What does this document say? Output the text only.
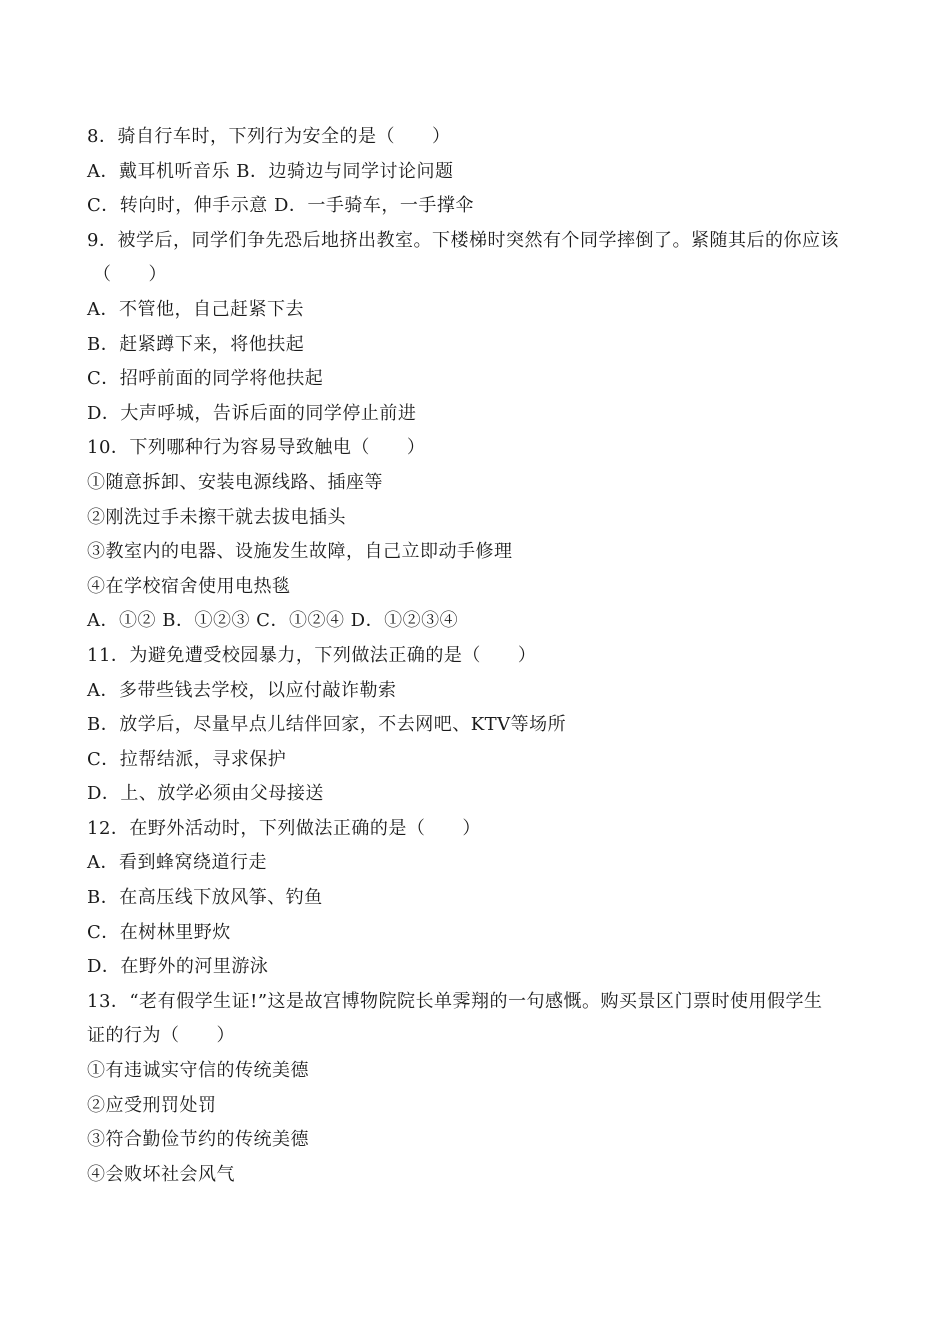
8．骑自行车时，下列行为安全的是（　　）
A．戴耳机听音乐 B．边骑边与同学讨论问题
C．转向时，伸手示意 D．一手骑车，一手撑伞
9．被学后，同学们争先恐后地挤出教室。下楼梯时突然有个同学摔倒了。紧随其后的你应该
（　　）
A．不管他，自己赶紧下去
B．赶紧蹲下来，将他扶起
C．招呼前面的同学将他扶起
D．大声呼城，告诉后面的同学停止前进
10．下列哪种行为容易导致触电（　　）
①随意拆卸、安装电源线路、插座等
②刚洗过手未擦干就去拔电插头
③教室内的电器、设施发生故障，自己立即动手修理
④在学校宿舍使用电热毯
A．①② B．①②③ C．①②④ D．①②③④
11．为避免遭受校园暴力，下列做法正确的是（　　）
A．多带些钱去学校，以应付敲诈勒索
B．放学后，尽量早点儿结伴回家，不去网吧、KTV等场所
C．拉帮结派，寻求保护
D．上、放学必须由父母接送
12．在野外活动时，下列做法正确的是（　　）
A．看到蜂窝绕道行走
B．在高压线下放风筝、钓鱼
C．在树林里野炊
D．在野外的河里游泳
13．“老有假学生证!”这是故宫博物院院长单霁翔的一句感慨。购买景区门票时使用假学生
证的行为（　　）
①有违诚实守信的传统美德
②应受刑罚处罚
③符合勤俭节约的传统美德
④会败坏社会风气
